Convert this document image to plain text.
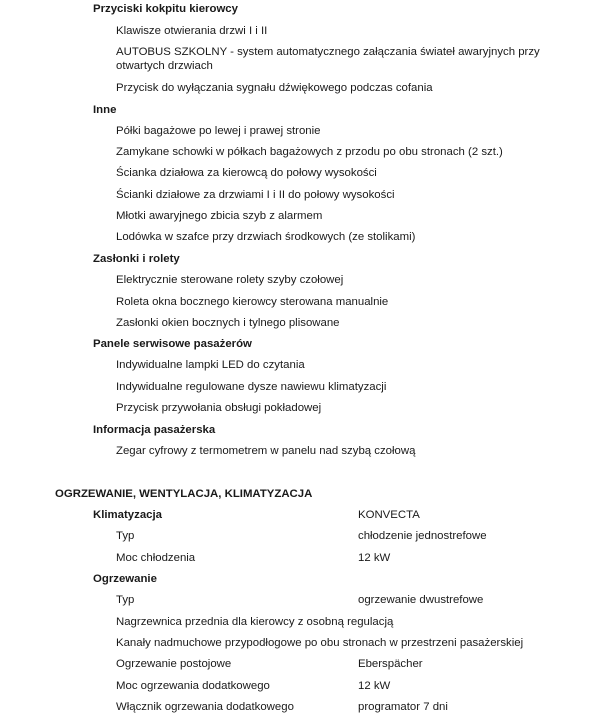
Przyciski kokpitu kierowcy
Klawisze otwierania drzwi I i II
AUTOBUS SZKOLNY - system automatycznego załączania świateł awaryjnych przy otwartych drzwiach
Przycisk do wyłączania sygnału dźwiękowego podczas cofania
Inne
Półki bagażowe po lewej i prawej stronie
Zamykane schowki w półkach bagażowych z przodu po obu stronach (2 szt.)
Ścianka działowa za kierowcą do połowy wysokości
Ścianki działowe za drzwiami I i II do połowy wysokości
Młotki awaryjnego zbicia szyb z alarmem
Lodówka w szafce przy drzwiach środkowych (ze stolikami)
Zasłonki i rolety
Elektrycznie sterowane rolety szyby czołowej
Roleta okna bocznego kierowcy sterowana manualnie
Zasłonki okien bocznych i tylnego plisowane
Panele serwisowe pasażerów
Indywidualne lampki LED do czytania
Indywidualne regulowane dysze nawiewu klimatyzacji
Przycisk przywołania obsługi pokładowej
Informacja pasażerska
Zegar cyfrowy z termometrem w panelu nad szybą czołową
OGRZEWANIE, WENTYLACJA, KLIMATYZACJA
Klimatyzacja	KONVECTA
Typ	chłodzenie jednostrefowe
Moc chłodzenia	12 kW
Ogrzewanie
Typ	ogrzewanie dwustrefowe
Nagrzewnica przednia dla kierowcy z osobną regulacją
Kanały nadmuchowe przypodłogowe po obu stronach w przestrzeni pasażerskiej
Ogrzewanie postojowe	Eberspächer
Moc ogrzewania dodatkowego	12 kW
Włącznik ogrzewania dodatkowego	programator 7 dni
